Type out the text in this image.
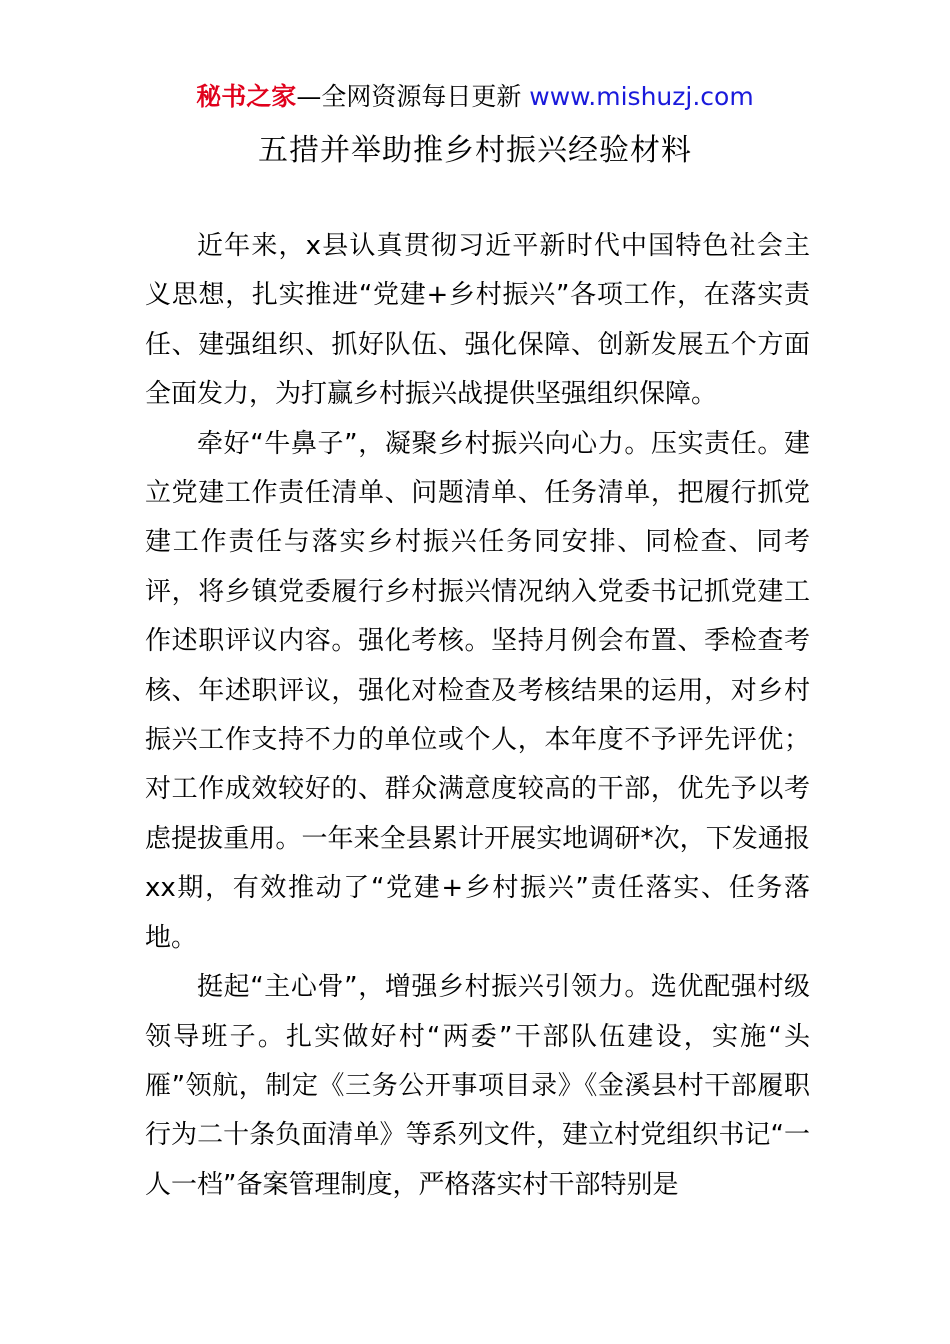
秘书之家—全网资源每日更新 www.mishuzj.com
五措并举助推乡村振兴经验材料

近年来，x县认真贯彻习近平新时代中国特色社会主义思想，扎实推进“党建+乡村振兴”各项工作，在落实责任、建强组织、抓好队伍、强化保障、创新发展五个方面全面发力，为打赢乡村振兴战提供坚强组织保障。

牵好“牛鼻子”，凝聚乡村振兴向心力。压实责任。建立党建工作责任清单、问题清单、任务清单，把履行抓党建工作责任与落实乡村振兴任务同安排、同检查、同考评，将乡镇党委履行乡村振兴情况纳入党委书记抓党建工作述职评议内容。强化考核。坚持月例会布置、季检查考核、年述职评议，强化对检查及考核结果的运用，对乡村振兴工作支持不力的单位或个人，本年度不予评先评优；对工作成效较好的、群众满意度较高的干部，优先予以考虑提拔重用。一年来全县累计开展实地调研*次，下发通报xx期，有效推动了“党建+乡村振兴”责任落实、任务落地。

挺起“主心骨”，增强乡村振兴引领力。选优配强村级领导班子。扎实做好村“两委”干部队伍建设，实施“头雁”领航，制定《三务公开事项目录》《金溪县村干部履职行为二十条负面清单》等系列文件，建立村党组织书记“一人一档”备案管理制度，严格落实村干部特别是
